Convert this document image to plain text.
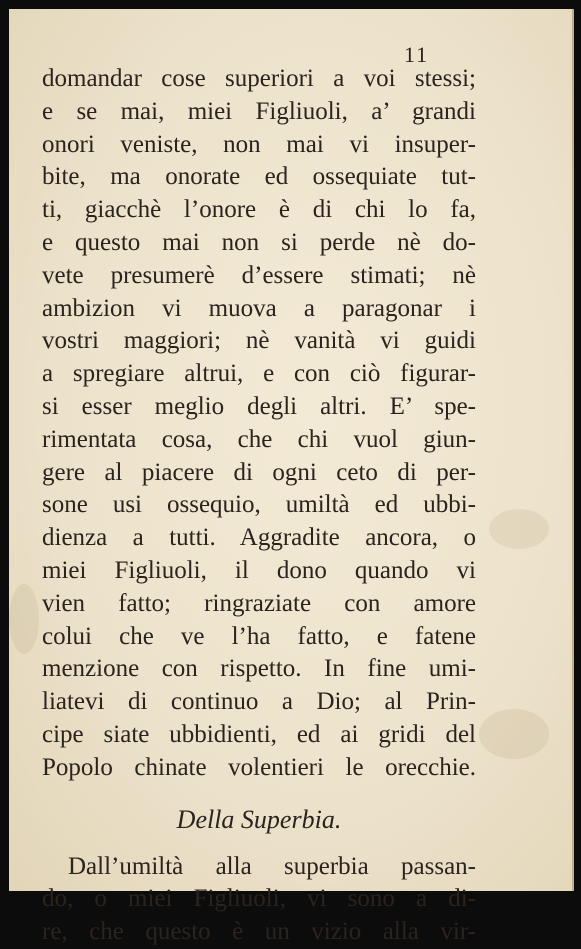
11
domandar cose superiori a voi stessi;
e se mai, miei Figliuoli, a’ grandi
onori veniste, non mai vi insuper-
bite, ma onorate ed ossequiate tut-
ti, giacchè l’onore è di chi lo fa,
e questo mai non si perde nè do-
vete presumerè d’essere stimati; nè
ambizion vi muova a paragonar i
vostri maggiori; nè vanità vi guidi
a spregiare altrui, e con ciò figurar-
si esser meglio degli altri. E’ spe-
rimentata cosa, che chi vuol giun-
gere al piacere di ogni ceto di per-
sone usi ossequio, umiltà ed ubbi-
dienza a tutti. Aggradite ancora, o
miei Figliuoli, il dono quando vi
vien fatto; ringraziate con amore
colui che ve l’ha fatto, e fatene
menzione con rispetto. In fine umi-
liatevi di continuo a Dio; al Prin-
cipe siate ubbidienti, ed ai gridi del
Popolo chinate volentieri le orecchie.
Della Superbia.
Dall’umiltà alla superbia passan-
do, o miei Figliuoli, vi sono a di-
re, che questo è un vizio alla vir-
